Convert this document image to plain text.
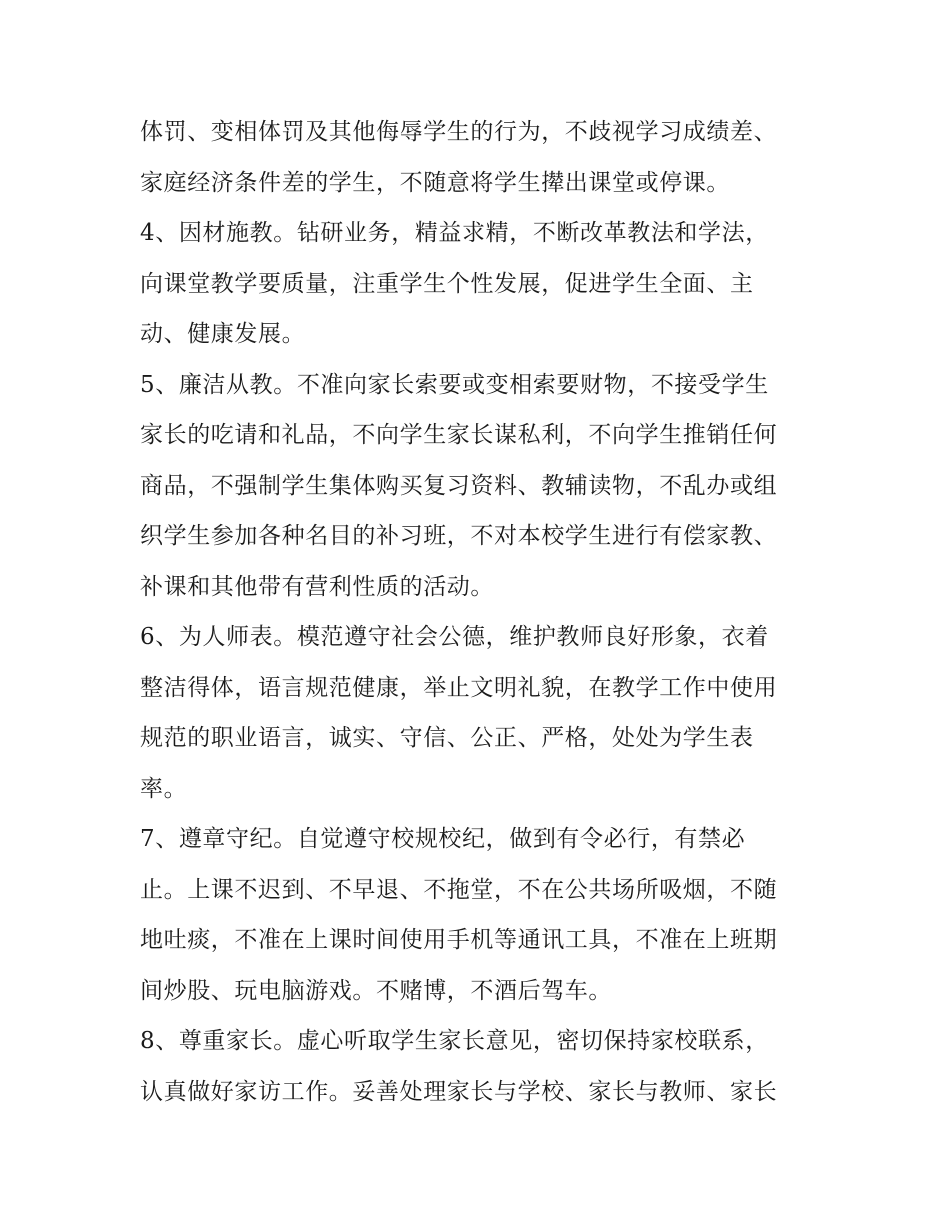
体罚、变相体罚及其他侮辱学生的行为，不歧视学习成绩差、
家庭经济条件差的学生，不随意将学生撵出课堂或停课。
4、因材施教。钻研业务，精益求精，不断改革教法和学法，
向课堂教学要质量，注重学生个性发展，促进学生全面、主
动、健康发展。
5、廉洁从教。不准向家长索要或变相索要财物，不接受学生
家长的吃请和礼品，不向学生家长谋私利，不向学生推销任何
商品，不强制学生集体购买复习资料、教辅读物，不乱办或组
织学生参加各种名目的补习班，不对本校学生进行有偿家教、
补课和其他带有营利性质的活动。
6、为人师表。模范遵守社会公德，维护教师良好形象，衣着
整洁得体，语言规范健康，举止文明礼貌，在教学工作中使用
规范的职业语言，诚实、守信、公正、严格，处处为学生表
率。
7、遵章守纪。自觉遵守校规校纪，做到有令必行，有禁必
止。上课不迟到、不早退、不拖堂，不在公共场所吸烟，不随
地吐痰，不准在上课时间使用手机等通讯工具，不准在上班期
间炒股、玩电脑游戏。不赌博，不酒后驾车。
8、尊重家长。虚心听取学生家长意见，密切保持家校联系，
认真做好家访工作。妥善处理家长与学校、家长与教师、家长
